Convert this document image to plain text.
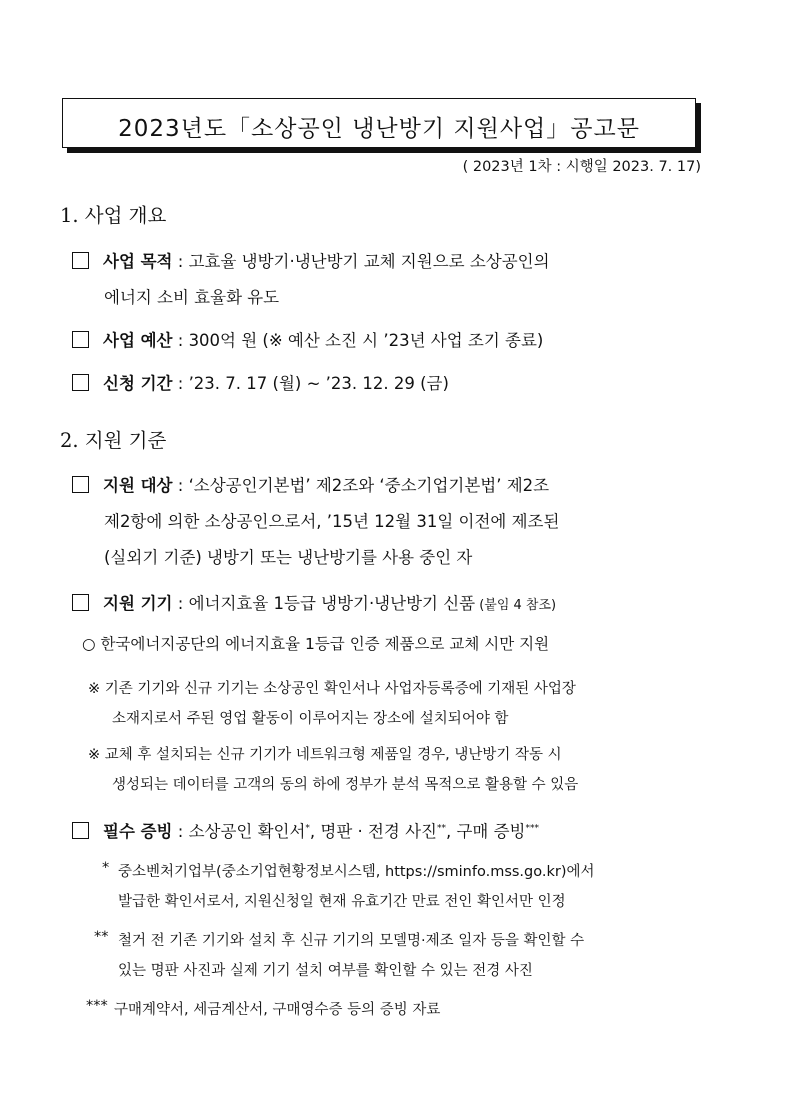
2023년도「소상공인 냉난방기 지원사업」공고문
( 2023년 1차 : 시행일 2023. 7. 17)
1. 사업 개요
사업 목적 : 고효율 냉방기·냉난방기 교체 지원으로 소상공인의
에너지 소비 효율화 유도
사업 예산 : 300억 원 (※ 예산 소진 시 ’23년 사업 조기 종료)
신청 기간 : ’23. 7. 17 (월) ~ ’23. 12. 29 (금)
2. 지원 기준
지원 대상 : ‘소상공인기본법’ 제2조와 ‘중소기업기본법’ 제2조
제2항에 의한 소상공인으로서, ’15년 12월 31일 이전에 제조된
(실외기 기준) 냉방기 또는 냉난방기를 사용 중인 자
지원 기기 : 에너지효율 1등급 냉방기·냉난방기 신품 (붙임 4 참조)
○ 한국에너지공단의 에너지효율 1등급 인증 제품으로 교체 시만 지원
※ 기존 기기와 신규 기기는 소상공인 확인서나 사업자등록증에 기재된 사업장
소재지로서 주된 영업 활동이 이루어지는 장소에 설치되어야 함
※ 교체 후 설치되는 신규 기기가 네트워크형 제품일 경우, 냉난방기 작동 시
생성되는 데이터를 고객의 동의 하에 정부가 분석 목적으로 활용할 수 있음
필수 증빙 : 소상공인 확인서*, 명판 · 전경 사진**, 구매 증빙***
* 중소벤처기업부(중소기업현황정보시스템, https://sminfo.mss.go.kr)에서
발급한 확인서로서, 지원신청일 현재 유효기간 만료 전인 확인서만 인정
** 철거 전 기존 기기와 설치 후 신규 기기의 모델명·제조 일자 등을 확인할 수
있는 명판 사진과 실제 기기 설치 여부를 확인할 수 있는 전경 사진
*** 구매계약서, 세금계산서, 구매영수증 등의 증빙 자료
